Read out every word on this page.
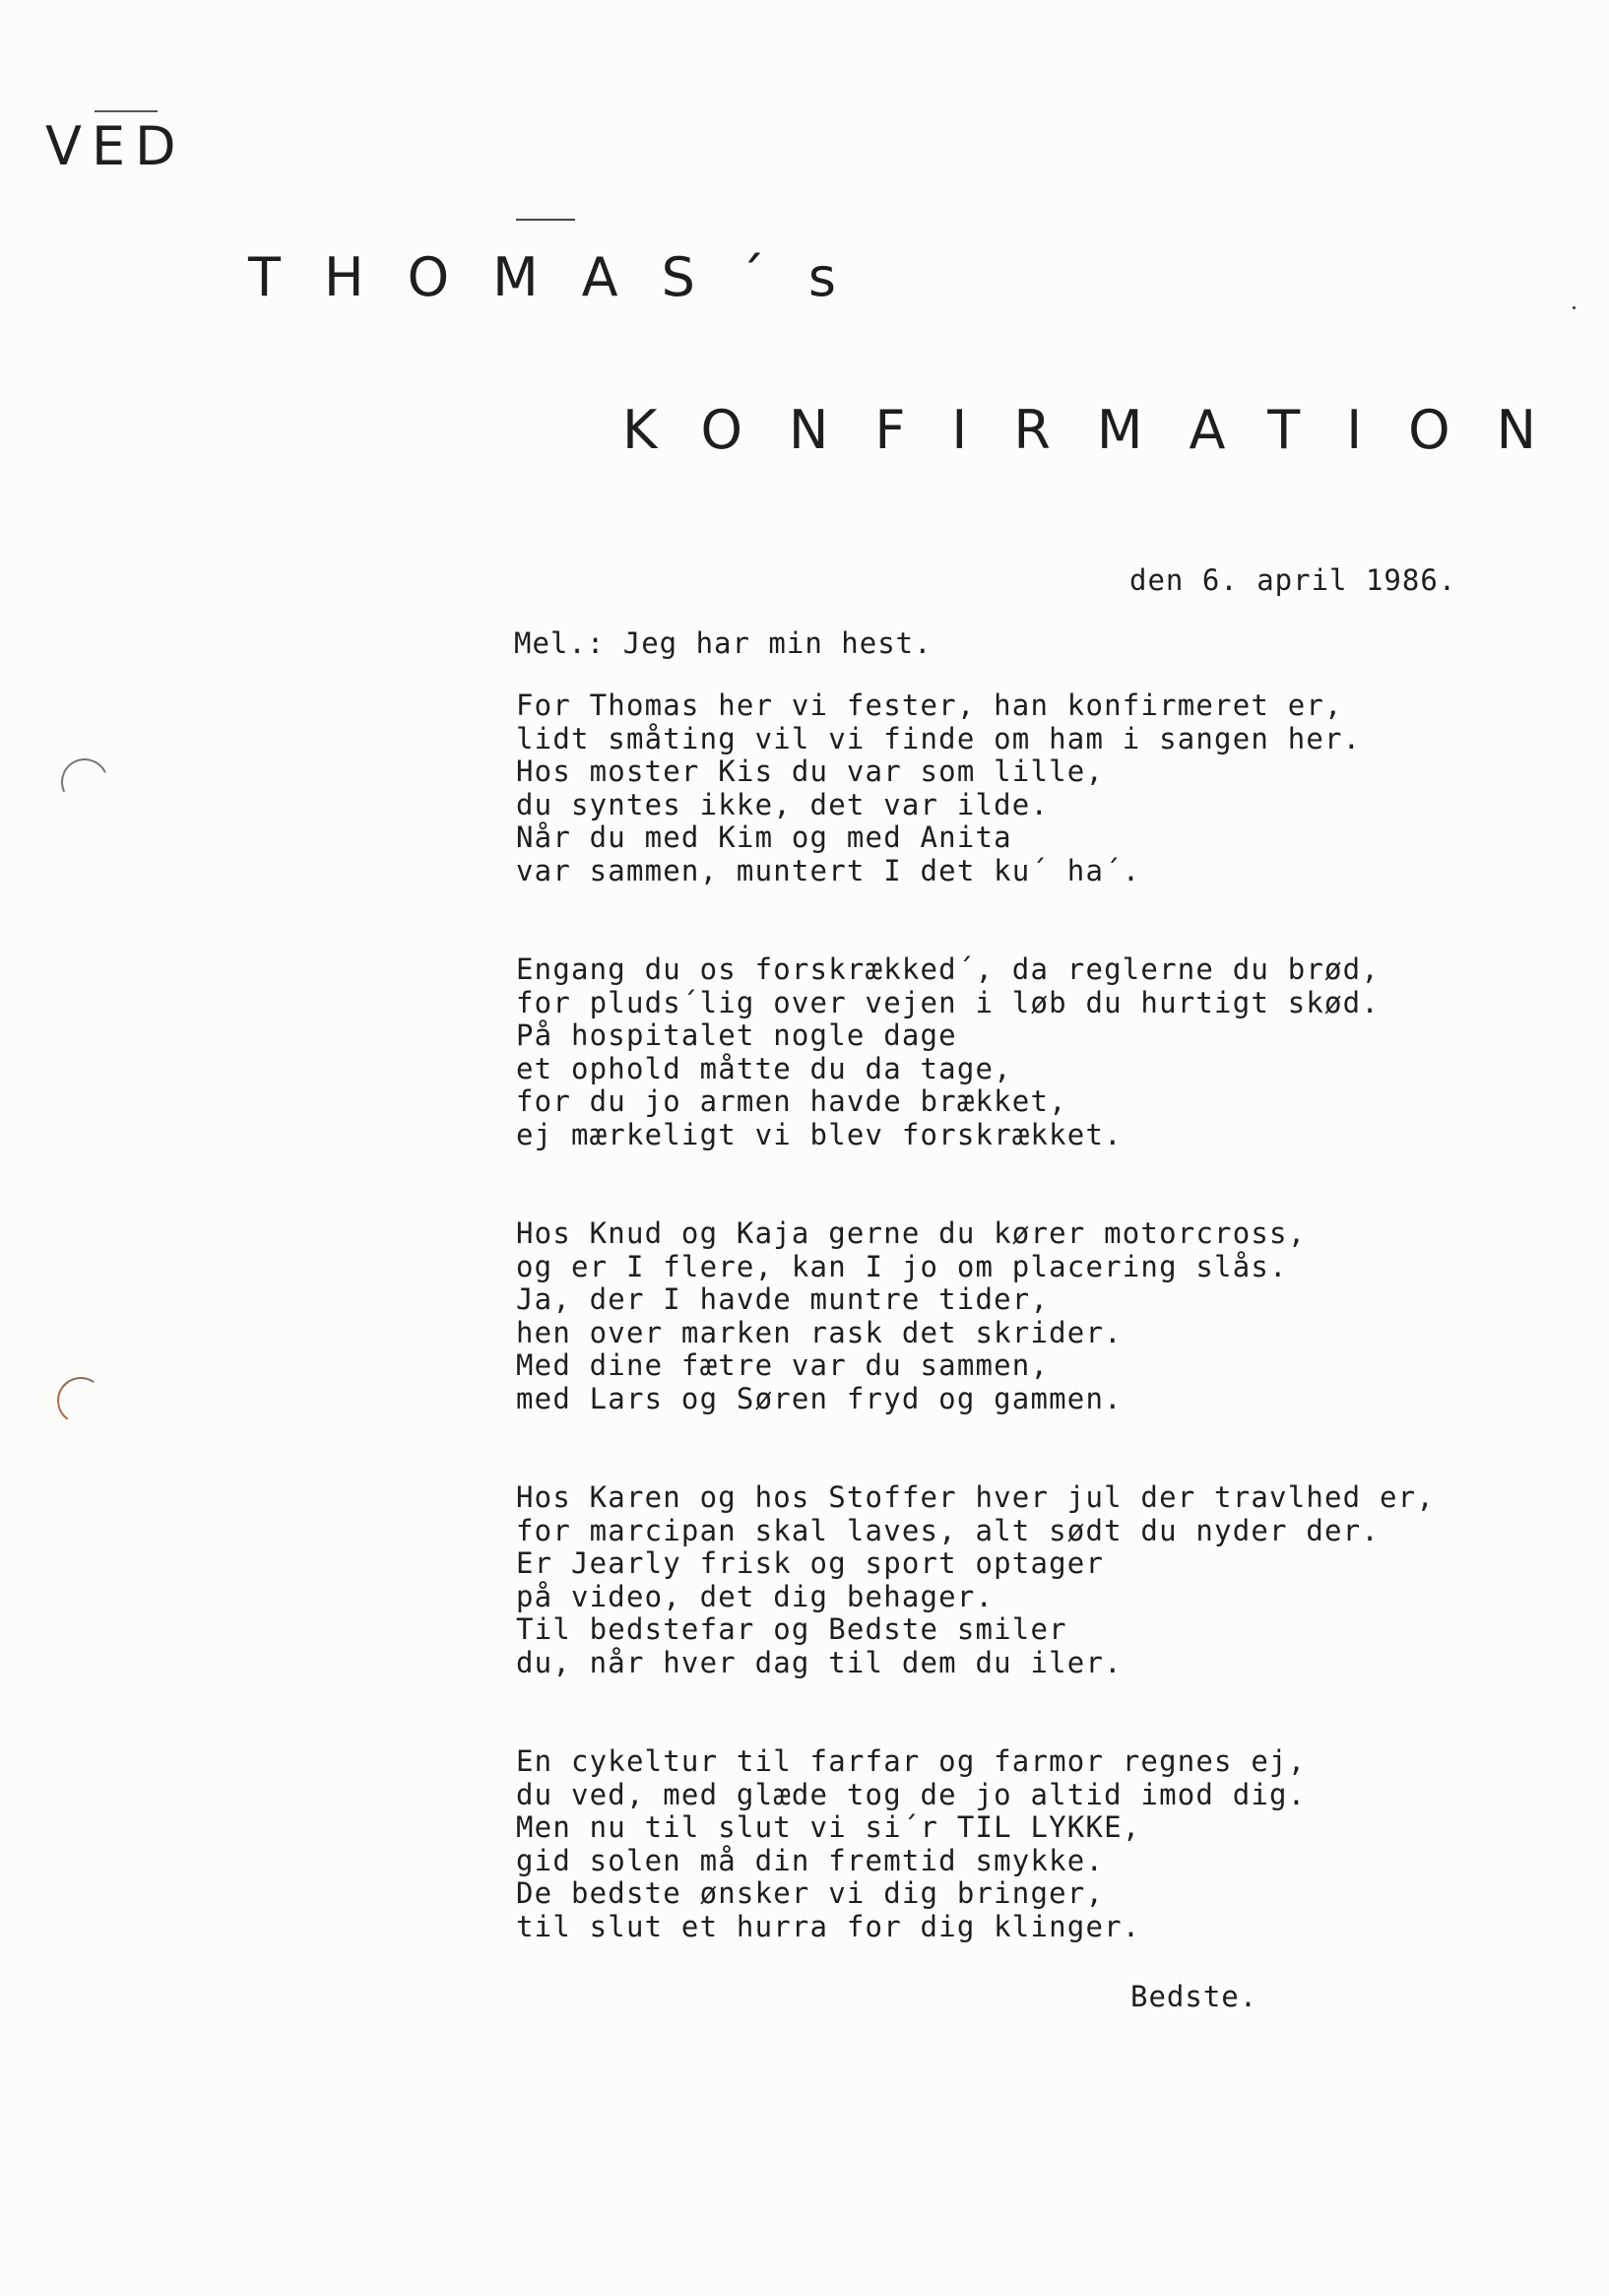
VED
THOMAS´s
KONFIRMATION
den 6. april 1986.
Mel.: Jeg har min hest.
For Thomas her vi fester, han konfirmeret er,
lidt småting vil vi finde om ham i sangen her.
Hos moster Kis du var som lille,
du syntes ikke, det var ilde.
Når du med Kim og med Anita
var sammen, muntert I det ku´ ha´.
Engang du os forskrækked´, da reglerne du brød,
for pluds´lig over vejen i løb du hurtigt skød.
På hospitalet nogle dage
et ophold måtte du da tage,
for du jo armen havde brækket,
ej mærkeligt vi blev forskrækket.
Hos Knud og Kaja gerne du kører motorcross,
og er I flere, kan I jo om placering slås.
Ja, der I havde muntre tider,
hen over marken rask det skrider.
Med dine fætre var du sammen,
med Lars og Søren fryd og gammen.
Hos Karen og hos Stoffer hver jul der travlhed er,
for marcipan skal laves, alt sødt du nyder der.
Er Jearly frisk og sport optager
på video, det dig behager.
Til bedstefar og Bedste smiler
du, når hver dag til dem du iler.
En cykeltur til farfar og farmor regnes ej,
du ved, med glæde tog de jo altid imod dig.
Men nu til slut vi si´r TIL LYKKE,
gid solen må din fremtid smykke.
De bedste ønsker vi dig bringer,
til slut et hurra for dig klinger.
Bedste.
